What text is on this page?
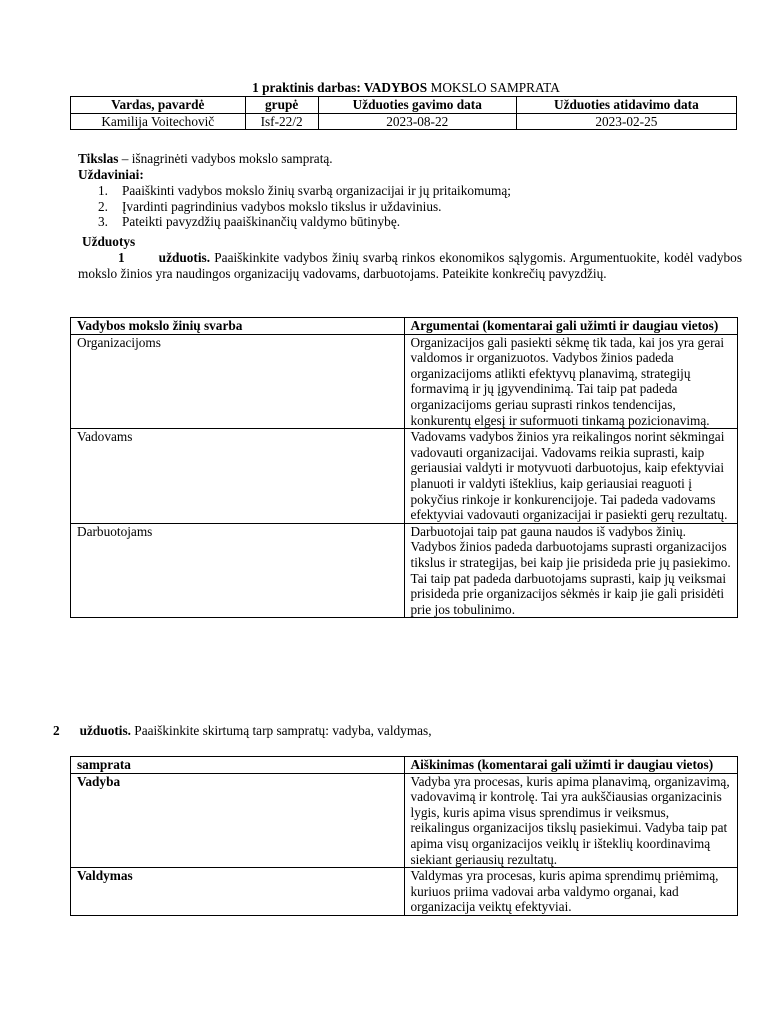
1 praktinis darbas: VADYBOS MOKSLO SAMPRATA
Vardas, pavardė	grupė	Užduoties gavimo data	Užduoties atidavimo data
Kamilija Voitechovič	Isf-22/2	2023-08-22	2023-02-25
Tikslas – išnagrinėti vadybos mokslo sampratą.
Uždaviniai:
1. Paaiškinti vadybos mokslo žinių svarbą organizacijai ir jų pritaikomumą;
2. Įvardinti pagrindinius vadybos mokslo tikslus ir uždavinius.
3. Pateikti pavyzdžių paaiškinančių valdymo būtinybę.
Užduotys
1	užduotis. Paaiškinkite vadybos žinių svarbą rinkos ekonomikos sąlygomis. Argumentuokite, kodėl vadybos mokslo žinios yra naudingos organizacijų vadovams, darbuotojams. Pateikite konkrečių pavyzdžių.
Vadybos mokslo žinių svarba	Argumentai (komentarai gali užimti ir daugiau vietos)
Organizacijoms	Organizacijos gali pasiekti sėkmę tik tada, kai jos yra gerai valdomos ir organizuotos. Vadybos žinios padeda organizacijoms atlikti efektyvų planavimą, strategijų formavimą ir jų įgyvendinimą. Tai taip pat padeda organizacijoms geriau suprasti rinkos tendencijas, konkurentų elgesį ir suformuoti tinkamą pozicionavimą.
Vadovams	Vadovams vadybos žinios yra reikalingos norint sėkmingai vadovauti organizacijai. Vadovams reikia suprasti, kaip geriausiai valdyti ir motyvuoti darbuotojus, kaip efektyviai planuoti ir valdyti išteklius, kaip geriausiai reaguoti į pokyčius rinkoje ir konkurencijoje. Tai padeda vadovams efektyviai vadovauti organizacijai ir pasiekti gerų rezultatų.
Darbuotojams	Darbuotojai taip pat gauna naudos iš vadybos žinių. Vadybos žinios padeda darbuotojams suprasti organizacijos tikslus ir strategijas, bei kaip jie prisideda prie jų pasiekimo. Tai taip pat padeda darbuotojams suprasti, kaip jų veiksmai prisideda prie organizacijos sėkmės ir kaip jie gali prisidėti prie jos tobulinimo.
2 užduotis. Paaiškinkite skirtumą tarp sampratų: vadyba, valdymas,
samprata	Aiškinimas (komentarai gali užimti ir daugiau vietos)
Vadyba	Vadyba yra procesas, kuris apima planavimą, organizavimą, vadovavimą ir kontrolę. Tai yra aukščiausias organizacinis lygis, kuris apima visus sprendimus ir veiksmus, reikalingus organizacijos tikslų pasiekimui. Vadyba taip pat apima visų organizacijos veiklų ir išteklių koordinavimą siekiant geriausių rezultatų.
Valdymas	Valdymas yra procesas, kuris apima sprendimų priėmimą, kuriuos priima vadovai arba valdymo organai, kad organizacija veiktų efektyviai.
